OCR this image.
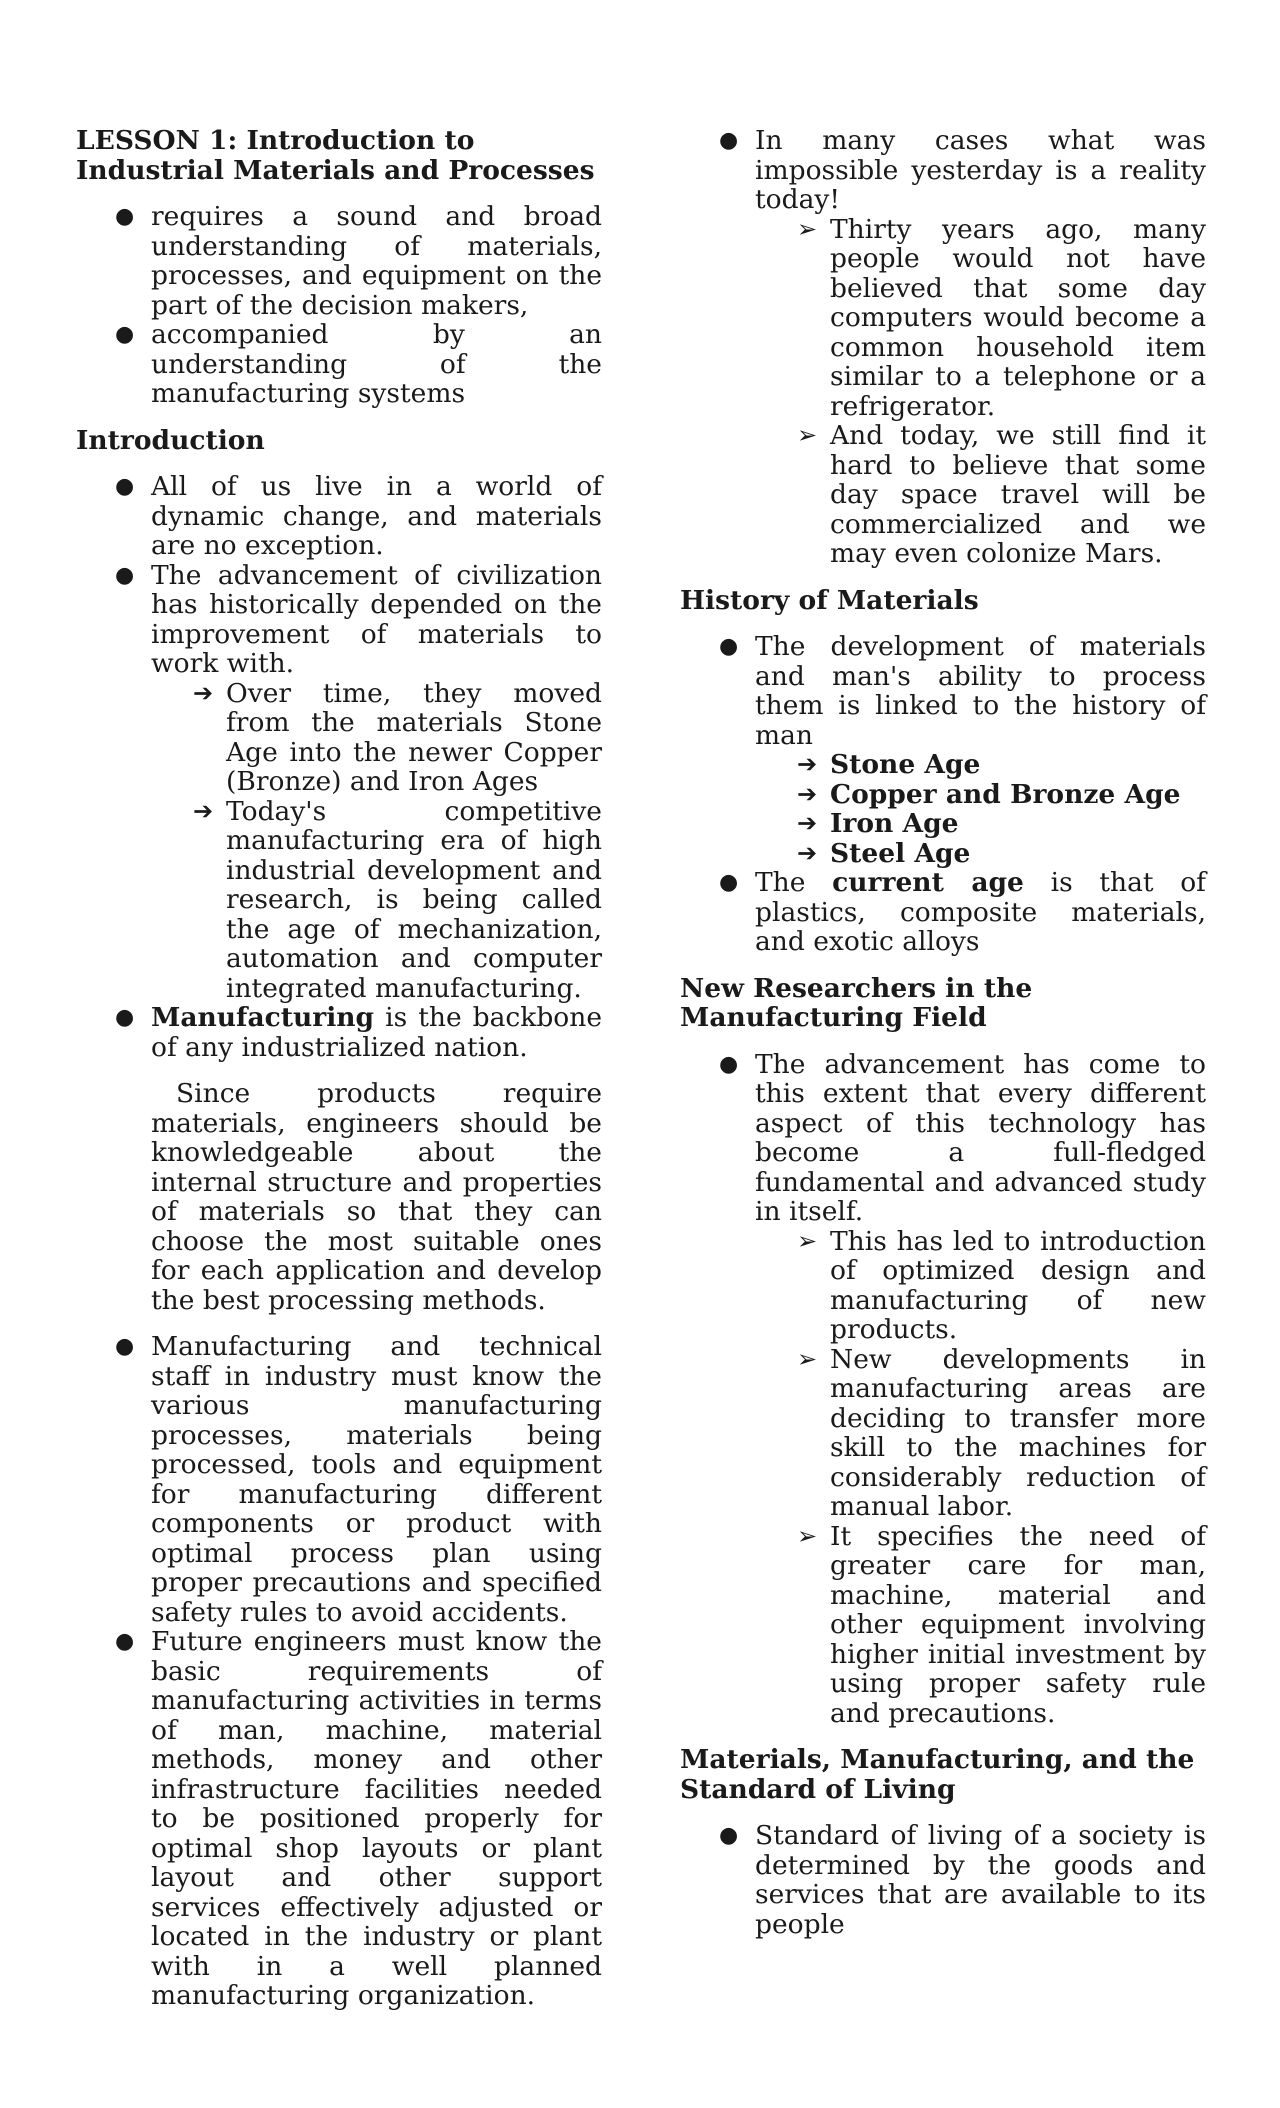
LESSON 1: Introduction to Industrial Materials and Processes
● requires a sound and broad understanding of materials, processes, and equipment on the part of the decision makers,
● accompanied by an understanding of the manufacturing systems
Introduction
● All of us live in a world of dynamic change, and materials are no exception.
● The advancement of civilization has historically depended on the improvement of materials to work with.
➔ Over time, they moved from the materials Stone Age into the newer Copper (Bronze) and Iron Ages
➔ Today's competitive manufacturing era of high industrial development and research, is being called the age of mechanization, automation and computer integrated manufacturing.
● Manufacturing is the backbone of any industrialized nation.
Since products require materials, engineers should be knowledgeable about the internal structure and properties of materials so that they can choose the most suitable ones for each application and develop the best processing methods.
● Manufacturing and technical staff in industry must know the various manufacturing processes, materials being processed, tools and equipment for manufacturing different components or product with optimal process plan using proper precautions and specified safety rules to avoid accidents.
● Future engineers must know the basic requirements of manufacturing activities in terms of man, machine, material methods, money and other infrastructure facilities needed to be positioned properly for optimal shop layouts or plant layout and other support services effectively adjusted or located in the industry or plant with in a well planned manufacturing organization.
● In many cases what was impossible yesterday is a reality today!
➢ Thirty years ago, many people would not have believed that some day computers would become a common household item similar to a telephone or a refrigerator.
➢ And today, we still find it hard to believe that some day space travel will be commercialized and we may even colonize Mars.
History of Materials
● The development of materials and man's ability to process them is linked to the history of man
➔ Stone Age
➔ Copper and Bronze Age
➔ Iron Age
➔ Steel Age
● The current age is that of plastics, composite materials, and exotic alloys
New Researchers in the Manufacturing Field
● The advancement has come to this extent that every different aspect of this technology has become a full-fledged fundamental and advanced study in itself.
➢ This has led to introduction of optimized design and manufacturing of new products.
➢ New developments in manufacturing areas are deciding to transfer more skill to the machines for considerably reduction of manual labor.
➢ It specifies the need of greater care for man, machine, material and other equipment involving higher initial investment by using proper safety rule and precautions.
Materials, Manufacturing, and the Standard of Living
● Standard of living of a society is determined by the goods and services that are available to its people
